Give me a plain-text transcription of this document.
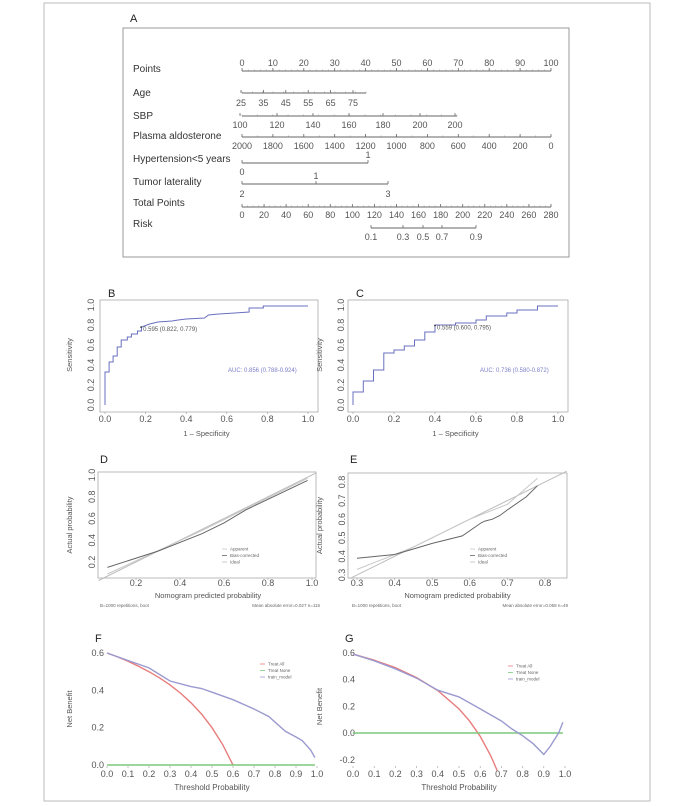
A
Points
0	10 20 30 40 50 60 70 80 90 100
Age
25 35 45 55 65 75
SBP
100 120 140 160 180 200 200
Plasma aldosterone
2000 1800 1600 1400 1200 1000 800 600 400 200 0
Hypertension<5 years	1
0
Tumor laterality
1
2	3
Total Points
0 20 40 60 80 100 120 140 160 180 200 220 240 260 280
Risk
0.1 0.3 0.5 0.7 0.9
B
0.0	0.2	0.4	0.6	0.8	1.0
0.0
0.2
0.4
0.6
0.8
1.0
Sensitivity
1 – Specificity
0.595 (0.822, 0.779)
AUC: 0.856 (0.788-0.924)
C
0.0	0.2	0.4	0.6	0.8	1.0
0.0
0.2
0.4
0.6
0.8
1.0
Sensitivity
1 – Specificity
0.559 (0.600, 0.795)
AUC: 0.736 (0.580-0.872)
D
0.2	0.4	0.6	0.8	1.0
0.2
0.4
0.6
0.8
1.0
Actual probability
Nomogram predicted probability
B=1000 repetitions, boot	Mean absolute error=0.027 n=115
Apparent
Bias-corrected
Ideal
E
0.3	0.4	0.5	0.6	0.7	0.8
0.3
0.4
0.5
0.6
0.7
0.8
Actual probability
Nomogram predicted probability
B=1000 repetitions, boot	Mean absolute error=0.058 n=49
Apparent
Bias-corrected
Ideal
F
0.0 0.1 0.2 0.3 0.4 0.5 0.6 0.7 0.8 0.9 1.0
0.0
0.2
0.4
0.6
Net Benefit
Threshold Probability
Treat All
Treat None
train_model
G
0.0 0.1 0.2 0.3 0.4 0.5 0.6 0.7 0.8 0.9 1.0
-0.2
0.0
0.2
0.4
0.6
Net Benefit
Threshold Probability
Treat All
Treat None
train_model
